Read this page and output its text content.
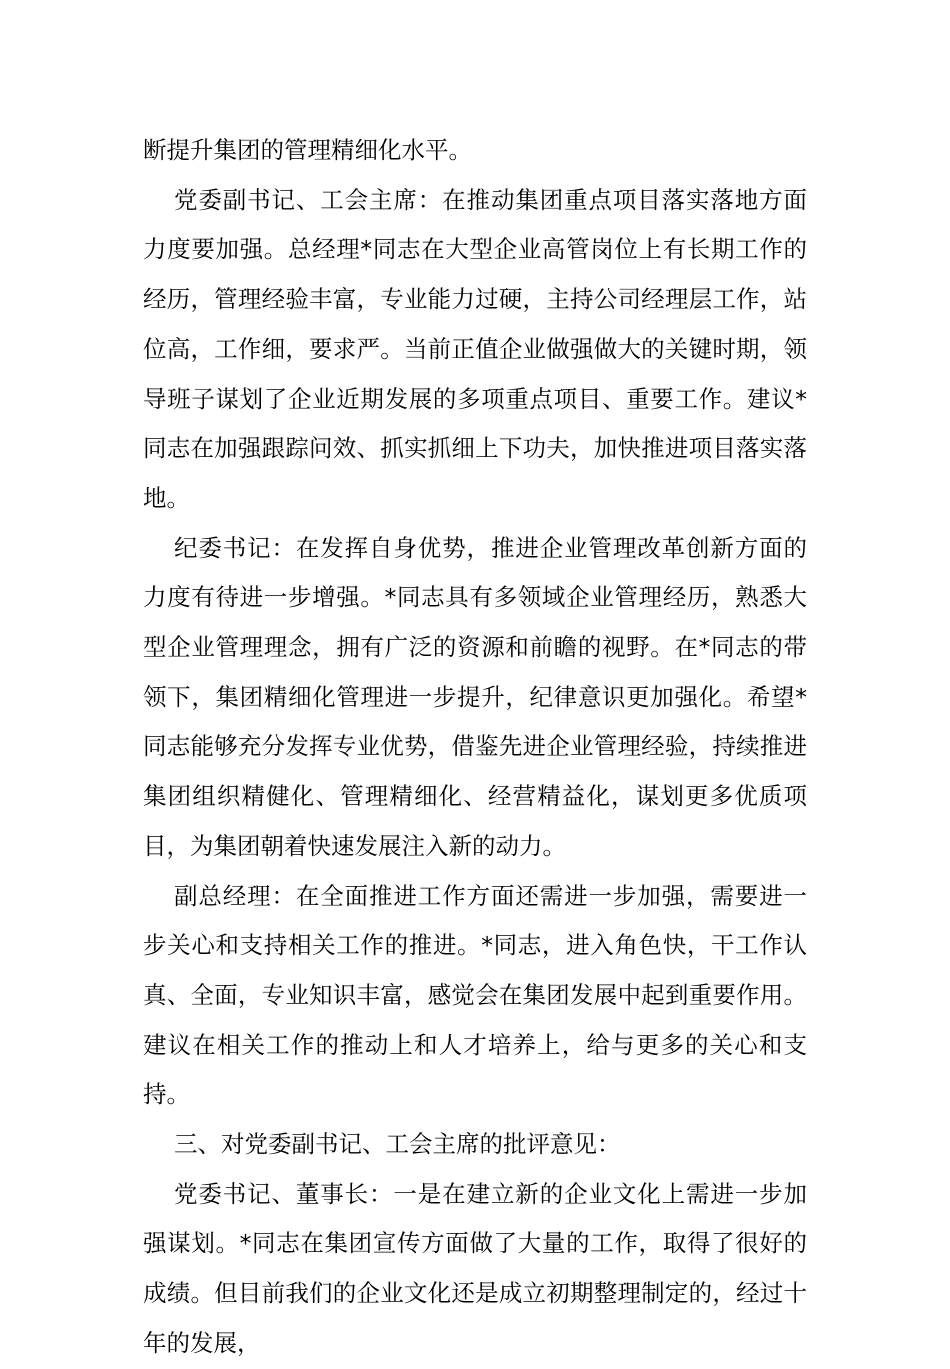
断提升集团的管理精细化水平。

党委副书记、工会主席：在推动集团重点项目落实落地方面力度要加强。总经理*同志在大型企业高管岗位上有长期工作的经历，管理经验丰富，专业能力过硬，主持公司经理层工作，站位高，工作细，要求严。当前正值企业做强做大的关键时期，领导班子谋划了企业近期发展的多项重点项目、重要工作。建议*同志在加强跟踪问效、抓实抓细上下功夫，加快推进项目落实落地。

纪委书记：在发挥自身优势，推进企业管理改革创新方面的力度有待进一步增强。*同志具有多领域企业管理经历，熟悉大型企业管理理念，拥有广泛的资源和前瞻的视野。在*同志的带领下，集团精细化管理进一步提升，纪律意识更加强化。希望*同志能够充分发挥专业优势，借鉴先进企业管理经验，持续推进集团组织精健化、管理精细化、经营精益化，谋划更多优质项目，为集团朝着快速发展注入新的动力。

副总经理：在全面推进工作方面还需进一步加强，需要进一步关心和支持相关工作的推进。*同志，进入角色快，干工作认真、全面，专业知识丰富，感觉会在集团发展中起到重要作用。建议在相关工作的推动上和人才培养上，给与更多的关心和支持。

三、对党委副书记、工会主席的批评意见：

党委书记、董事长：一是在建立新的企业文化上需进一步加强谋划。*同志在集团宣传方面做了大量的工作，取得了很好的成绩。但目前我们的企业文化还是成立初期整理制定的，经过十年的发展，
